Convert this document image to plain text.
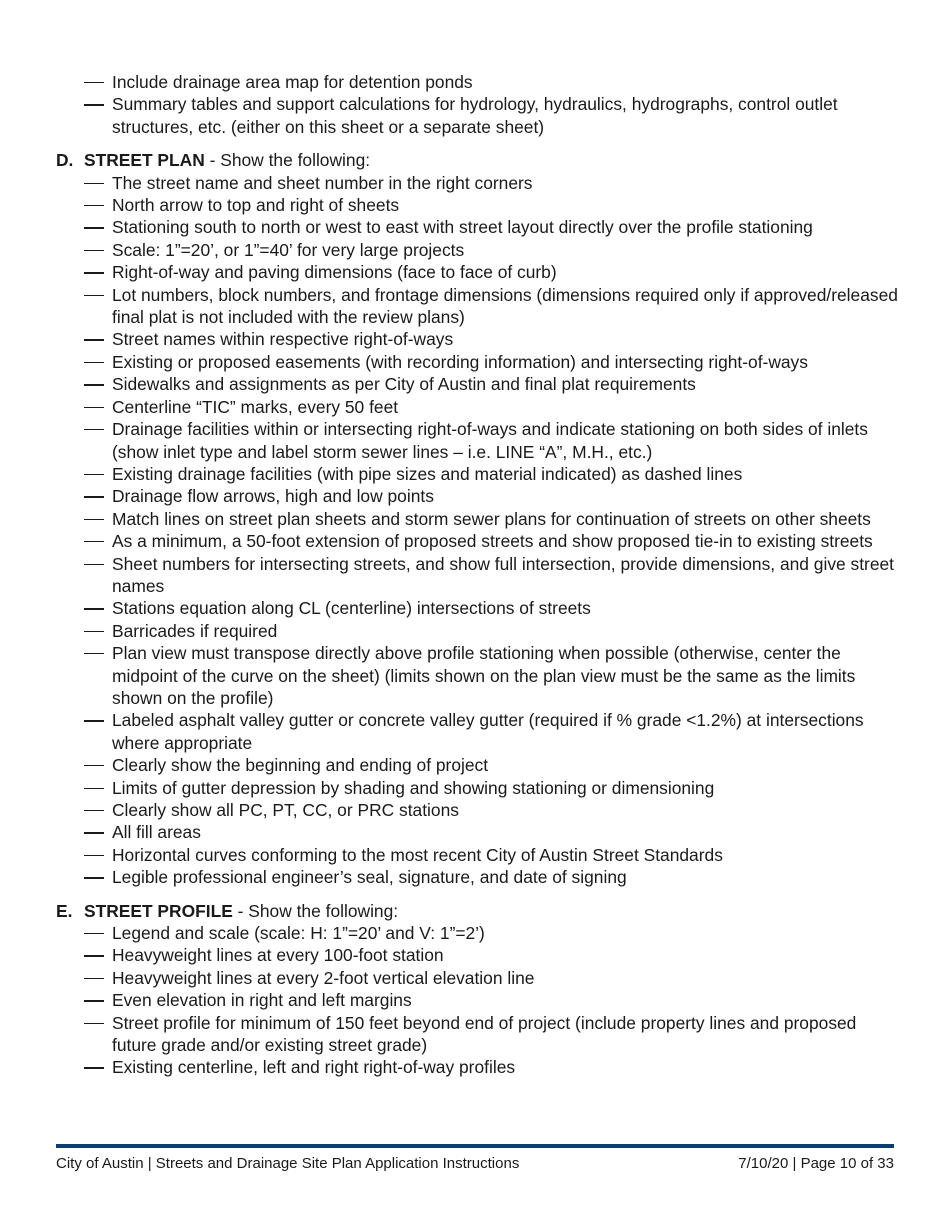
Include drainage area map for detention ponds
Summary tables and support calculations for hydrology, hydraulics, hydrographs, control outlet structures, etc. (either on this sheet or a separate sheet)
D. STREET PLAN - Show the following:
The street name and sheet number in the right corners
North arrow to top and right of sheets
Stationing south to north or west to east with street layout directly over the profile stationing
Scale: 1”=20’, or 1”=40’ for very large projects
Right-of-way and paving dimensions (face to face of curb)
Lot numbers, block numbers, and frontage dimensions (dimensions required only if approved/released final plat is not included with the review plans)
Street names within respective right-of-ways
Existing or proposed easements (with recording information) and intersecting right-of-ways
Sidewalks and assignments as per City of Austin and final plat requirements
Centerline “TIC” marks, every 50 feet
Drainage facilities within or intersecting right-of-ways and indicate stationing on both sides of inlets (show inlet type and label storm sewer lines – i.e. LINE “A”, M.H., etc.)
Existing drainage facilities (with pipe sizes and material indicated) as dashed lines
Drainage flow arrows, high and low points
Match lines on street plan sheets and storm sewer plans for continuation of streets on other sheets
As a minimum, a 50-foot extension of proposed streets and show proposed tie-in to existing streets
Sheet numbers for intersecting streets, and show full intersection, provide dimensions, and give street names
Stations equation along CL (centerline) intersections of streets
Barricades if required
Plan view must transpose directly above profile stationing when possible (otherwise, center the midpoint of the curve on the sheet) (limits shown on the plan view must be the same as the limits shown on the profile)
Labeled asphalt valley gutter or concrete valley gutter (required if % grade <1.2%) at intersections where appropriate
Clearly show the beginning and ending of project
Limits of gutter depression by shading and showing stationing or dimensioning
Clearly show all PC, PT, CC, or PRC stations
All fill areas
Horizontal curves conforming to the most recent City of Austin Street Standards
Legible professional engineer’s seal, signature, and date of signing
E. STREET PROFILE - Show the following:
Legend and scale (scale: H: 1”=20’ and V: 1”=2’)
Heavyweight lines at every 100-foot station
Heavyweight lines at every 2-foot vertical elevation line
Even elevation in right and left margins
Street profile for minimum of 150 feet beyond end of project (include property lines and proposed future grade and/or existing street grade)
Existing centerline, left and right right-of-way profiles
City of Austin | Streets and Drainage Site Plan Application Instructions	7/10/20 | Page 10 of 33
